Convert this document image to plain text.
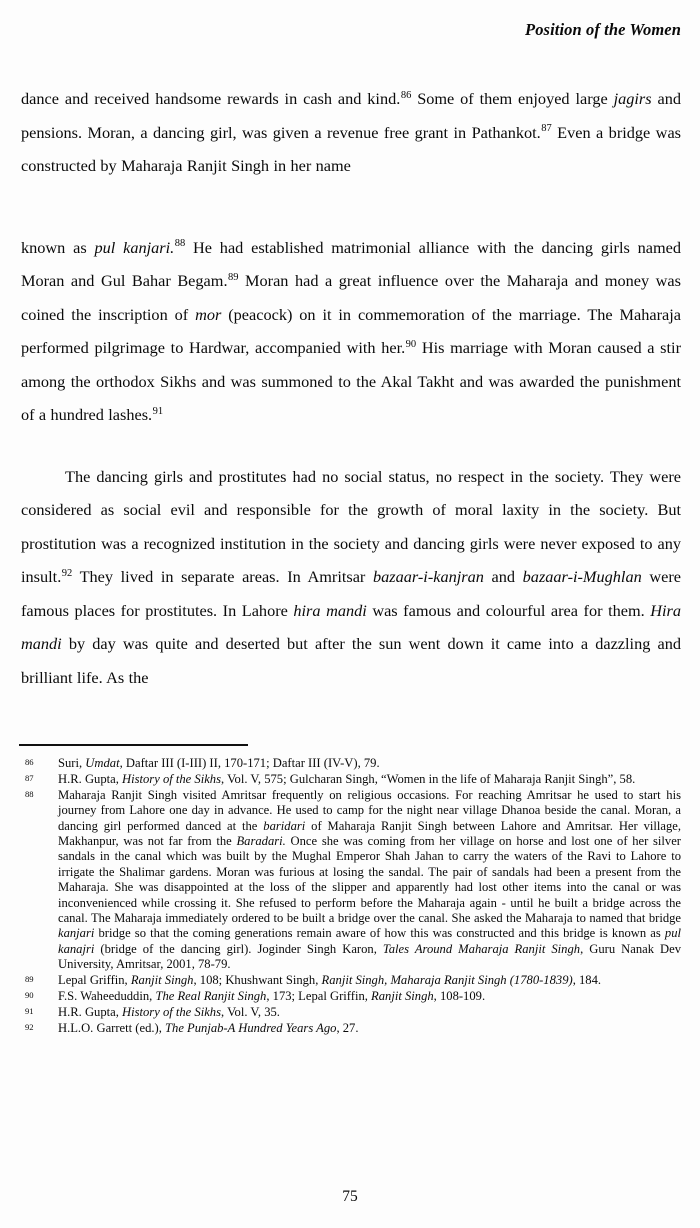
Position of the Women

dance and received handsome rewards in cash and kind.$^{86}$ Some of them enjoyed large jagirs and pensions. Moran, a dancing girl, was given a revenue free grant in Pathankot.$^{87}$ Even a bridge was constructed by Maharaja Ranjit Singh in her name

known as pul kanjari.$^{88}$ He had established matrimonial alliance with the dancing girls named Moran and Gul Bahar Begam.$^{89}$ Moran had a great influence over the Maharaja and money was coined the inscription of mor (peacock) on it in commemoration of the marriage. The Maharaja performed pilgrimage to Hardwar, accompanied with her.$^{90}$ His marriage with Moran caused a stir among the orthodox Sikhs and was summoned to the Akal Takht and was awarded the punishment of a hundred lashes.$^{91}$

The dancing girls and prostitutes had no social status, no respect in the society. They were considered as social evil and responsible for the growth of moral laxity in the society. But prostitution was a recognized institution in the society and dancing girls were never exposed to any insult.$^{92}$ They lived in separate areas. In Amritsar bazaar-i-kanjran and bazaar-i-Mughlan were famous places for prostitutes. In Lahore hira mandi was famous and colourful area for them. Hira mandi by day was quite and deserted but after the sun went down it came into a dazzling and brilliant life. As the

86 Suri, Umdat, Daftar III (I-III) II, 170-171; Daftar III (IV-V), 79.
87 H.R. Gupta, History of the Sikhs, Vol. V, 575; Gulcharan Singh, “Women in the life of Maharaja Ranjit Singh”, 58.
88 Maharaja Ranjit Singh visited Amritsar frequently on religious occasions. For reaching Amritsar he used to start his journey from Lahore one day in advance. He used to camp for the night near village Dhanoa beside the canal. Moran, a dancing girl performed danced at the baridari of Maharaja Ranjit Singh between Lahore and Amritsar. Her village, Makhanpur, was not far from the Baradari. Once she was coming from her village on horse and lost one of her silver sandals in the canal which was built by the Mughal Emperor Shah Jahan to carry the waters of the Ravi to Lahore to irrigate the Shalimar gardens. Moran was furious at losing the sandal. The pair of sandals had been a present from the Maharaja. She was disappointed at the loss of the slipper and apparently had lost other items into the canal or was inconvenienced while crossing it. She refused to perform before the Maharaja again - until he built a bridge across the canal. The Maharaja immediately ordered to be built a bridge over the canal. She asked the Maharaja to named that bridge kanjari bridge so that the coming generations remain aware of how this was constructed and this bridge is known as pul kanajri (bridge of the dancing girl). Joginder Singh Karon, Tales Around Maharaja Ranjit Singh, Guru Nanak Dev University, Amritsar, 2001, 78-79.
89 Lepal Griffin, Ranjit Singh, 108; Khushwant Singh, Ranjit Singh, Maharaja Ranjit Singh (1780-1839), 184.
90 F.S. Waheeduddin, The Real Ranjit Singh, 173; Lepal Griffin, Ranjit Singh, 108-109.
91 H.R. Gupta, History of the Sikhs, Vol. V, 35.
92 H.L.O. Garrett (ed.), The Punjab-A Hundred Years Ago, 27.
75
